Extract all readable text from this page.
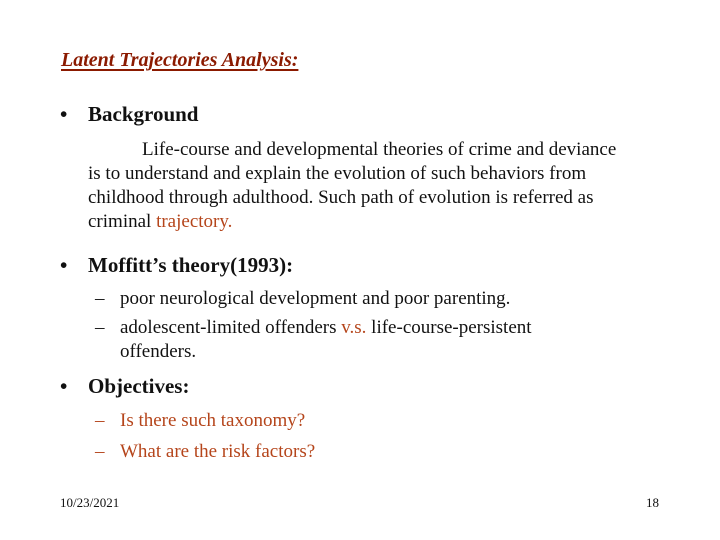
Latent Trajectories Analysis:
• Background
Life-course and developmental theories of crime and deviance is to understand and explain the evolution of such behaviors from childhood through adulthood. Such path of evolution is referred as criminal trajectory.
• Moffitt’s theory(1993):
– poor neurological development and poor parenting.
– adolescent-limited offenders v.s. life-course-persistent
offenders.
• Objectives:
– Is there such taxonomy?
– What are the risk factors?
10/23/2021	18
